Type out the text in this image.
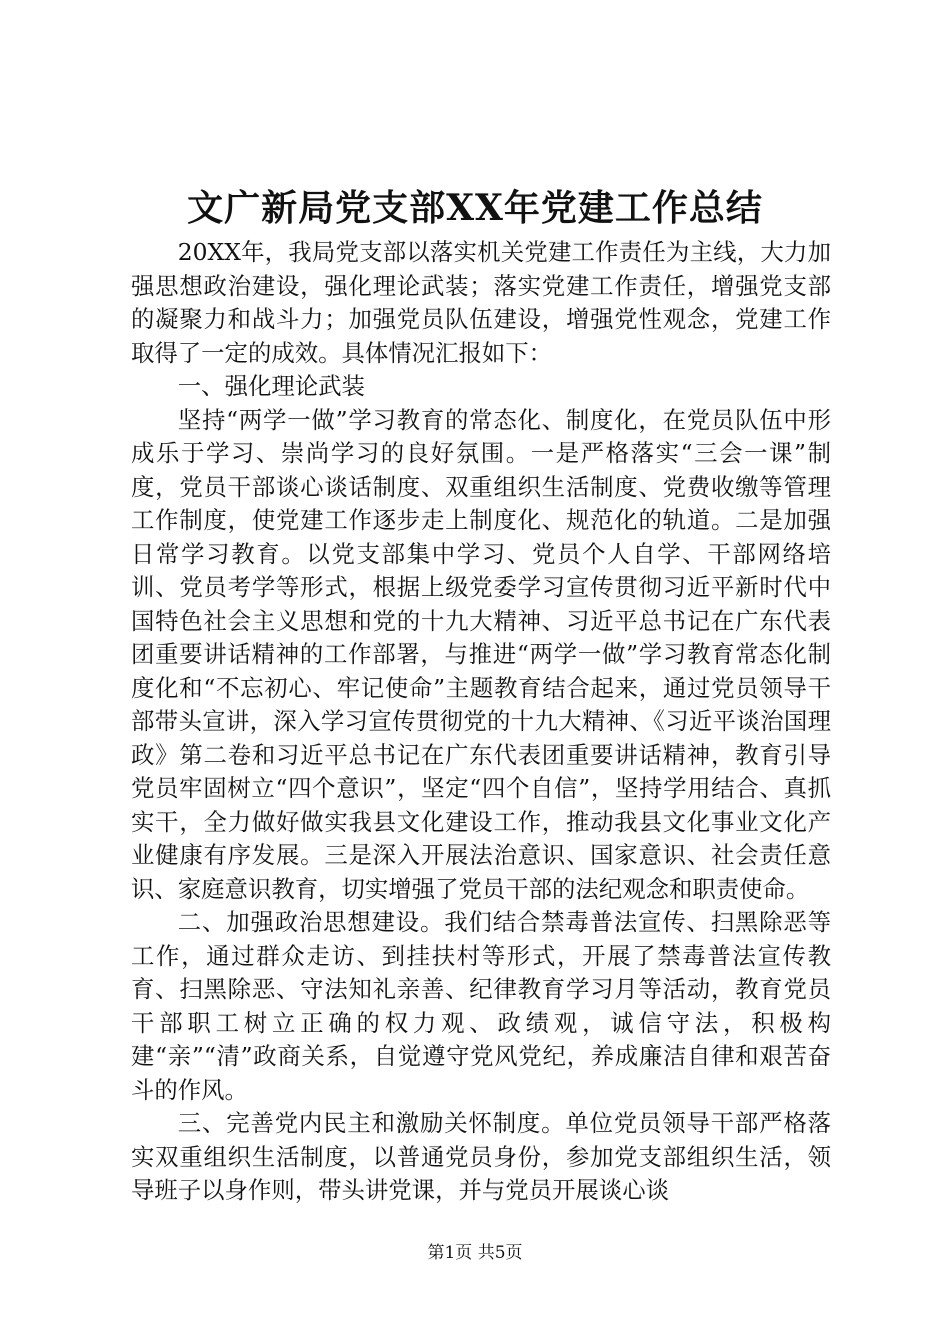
文广新局党支部XX年党建工作总结

20XX年，我局党支部以落实机关党建工作责任为主线，大力加强思想政治建设，强化理论武装；落实党建工作责任，增强党支部的凝聚力和战斗力；加强党员队伍建设，增强党性观念，党建工作取得了一定的成效。具体情况汇报如下：

一、强化理论武装

坚持“两学一做”学习教育的常态化、制度化，在党员队伍中形成乐于学习、崇尚学习的良好氛围。一是严格落实“三会一课”制度，党员干部谈心谈话制度、双重组织生活制度、党费收缴等管理工作制度，使党建工作逐步走上制度化、规范化的轨道。二是加强日常学习教育。以党支部集中学习、党员个人自学、干部网络培训、党员考学等形式，根据上级党委学习宣传贯彻习近平新时代中国特色社会主义思想和党的十九大精神、习近平总书记在广东代表团重要讲话精神的工作部署，与推进“两学一做”学习教育常态化制度化和“不忘初心、牢记使命”主题教育结合起来，通过党员领导干部带头宣讲，深入学习宣传贯彻党的十九大精神、《习近平谈治国理政》第二卷和习近平总书记在广东代表团重要讲话精神，教育引导党员牢固树立“四个意识”，坚定“四个自信”，坚持学用结合、真抓实干，全力做好做实我县文化建设工作，推动我县文化事业文化产业健康有序发展。三是深入开展法治意识、国家意识、社会责任意识、家庭意识教育，切实增强了党员干部的法纪观念和职责使命。

二、加强政治思想建设。我们结合禁毒普法宣传、扫黑除恶等工作，通过群众走访、到挂扶村等形式，开展了禁毒普法宣传教育、扫黑除恶、守法知礼亲善、纪律教育学习月等活动，教育党员干部职工树立正确的权力观、政绩观，诚信守法，积极构建“亲”“清”政商关系，自觉遵守党风党纪，养成廉洁自律和艰苦奋斗的作风。

三、完善党内民主和激励关怀制度。单位党员领导干部严格落实双重组织生活制度，以普通党员身份，参加党支部组织生活，领导班子以身作则，带头讲党课，并与党员开展谈心谈

第1页 共5页
